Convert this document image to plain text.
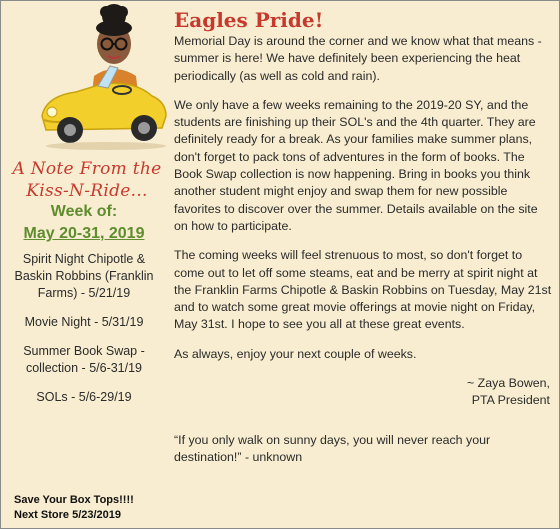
A Note From the
Kiss-N-Ride...
Week of:
May 20-31, 2019
Spirit Night Chipotle & Baskin Robbins (Franklin Farms) - 5/21/19
Movie Night - 5/31/19
Summer Book Swap - collection - 5/6-31/19
SOLs - 5/6-29/19
Save Your Box Tops!!!!
Next Store 5/23/2019
Eagles Pride!

Memorial Day is around the corner and we know what that means - summer is here! We have definitely been experiencing the heat periodically (as well as cold and rain).

We only have a few weeks remaining to the 2019-20 SY, and the students are finishing up their SOL's and the 4th quarter. They are definitely ready for a break. As your families make summer plans, don't forget to pack tons of adventures in the form of books. The Book Swap collection is now happening. Bring in books you think another student might enjoy and swap them for new possible favorites to discover over the summer. Details available on the site on how to participate.

The coming weeks will feel strenuous to most, so don't forget to come out to let off some steams, eat and be merry at spirit night at the Franklin Farms Chipotle & Baskin Robbins on Tuesday, May 21st and to watch some great movie offerings at movie night on Friday, May 31st. I hope to see you all at these great events.

As always, enjoy your next couple of weeks.

~ Zaya Bowen,
PTA President

“If you only walk on sunny days, you will never reach your destination!” - unknown
